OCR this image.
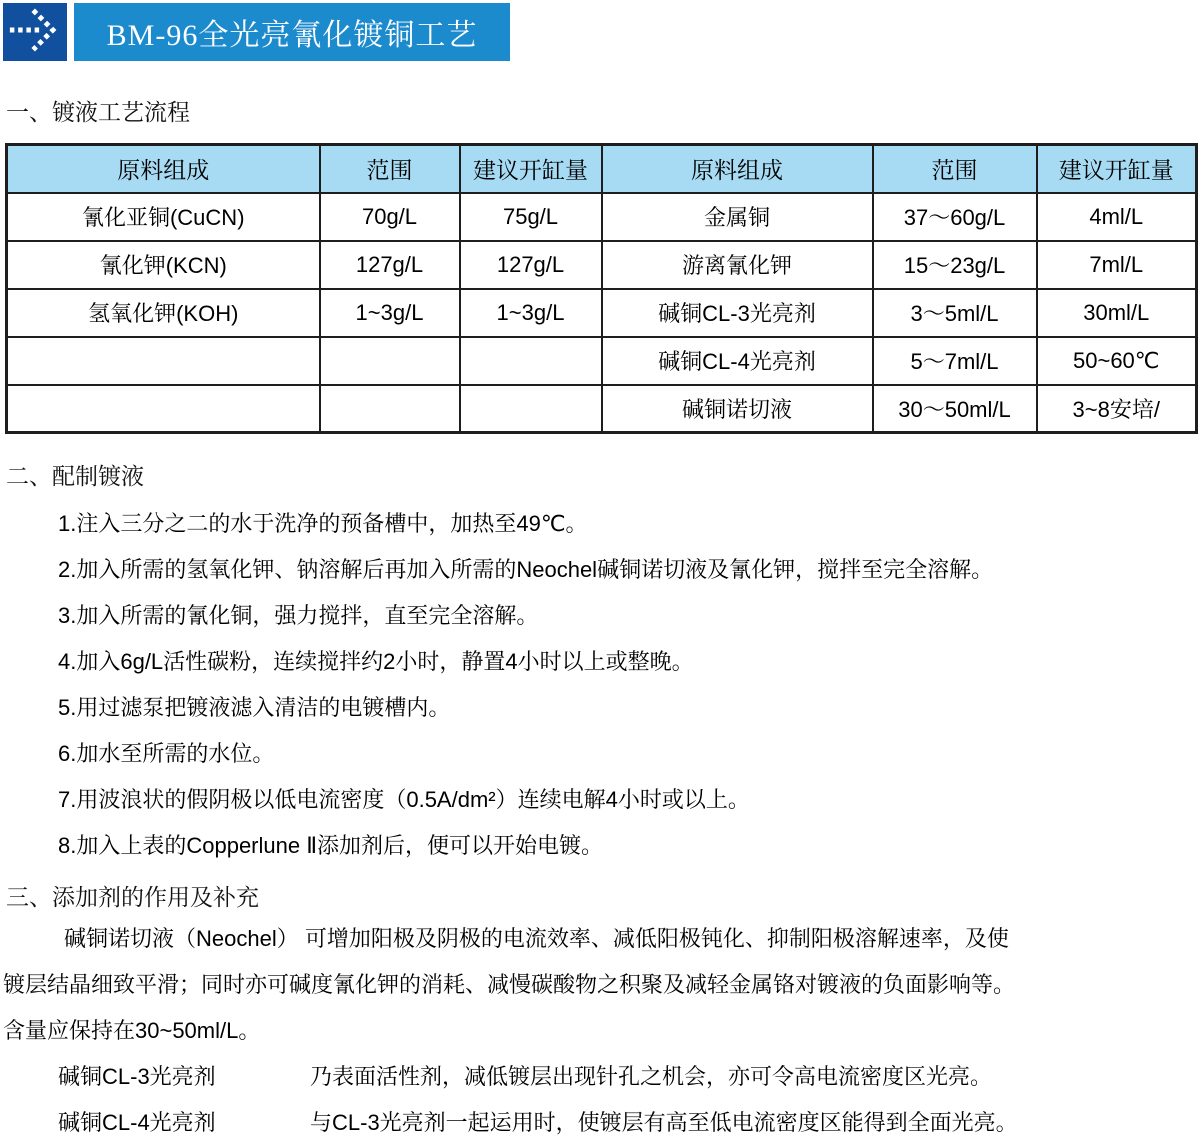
BM-96全光亮氰化镀铜工艺
一、镀液工艺流程
原料组成	范围	建议开缸量	原料组成	范围	建议开缸量
氰化亚铜(CuCN)	70g/L	75g/L	金属铜	37～60g/L	4ml/L
氰化钾(KCN)	127g/L	127g/L	游离氰化钾	15～23g/L	7ml/L
氢氧化钾(KOH)	1~3g/L	1~3g/L	碱铜CL-3光亮剂	3～5ml/L	30ml/L
			碱铜CL-4光亮剂	5～7ml/L	50~60℃
			碱铜诺切液	30～50ml/L	3~8安培/
二、配制镀液
1.注入三分之二的水于洗净的预备槽中，加热至49℃。
2.加入所需的氢氧化钾、钠溶解后再加入所需的Neochel碱铜诺切液及氰化钾，搅拌至完全溶解。
3.加入所需的氰化铜，强力搅拌，直至完全溶解。
4.加入6g/L活性碳粉，连续搅拌约2小时，静置4小时以上或整晚。
5.用过滤泵把镀液滤入清洁的电镀槽内。
6.加水至所需的水位。
7.用波浪状的假阴极以低电流密度（0.5A/dm²）连续电解4小时或以上。
8.加入上表的Copperlune Ⅱ添加剂后，便可以开始电镀。
三、添加剂的作用及补充
碱铜诺切液（Neochel） 可增加阳极及阴极的电流效率、减低阳极钝化、抑制阳极溶解速率，及使
镀层结晶细致平滑；同时亦可碱度氰化钾的消耗、减慢碳酸物之积聚及减轻金属铬对镀液的负面影响等。
含量应保持在30~50ml/L。
碱铜CL-3光亮剂	乃表面活性剂，减低镀层出现针孔之机会，亦可令高电流密度区光亮。
碱铜CL-4光亮剂	与CL-3光亮剂一起运用时，使镀层有高至低电流密度区能得到全面光亮。
